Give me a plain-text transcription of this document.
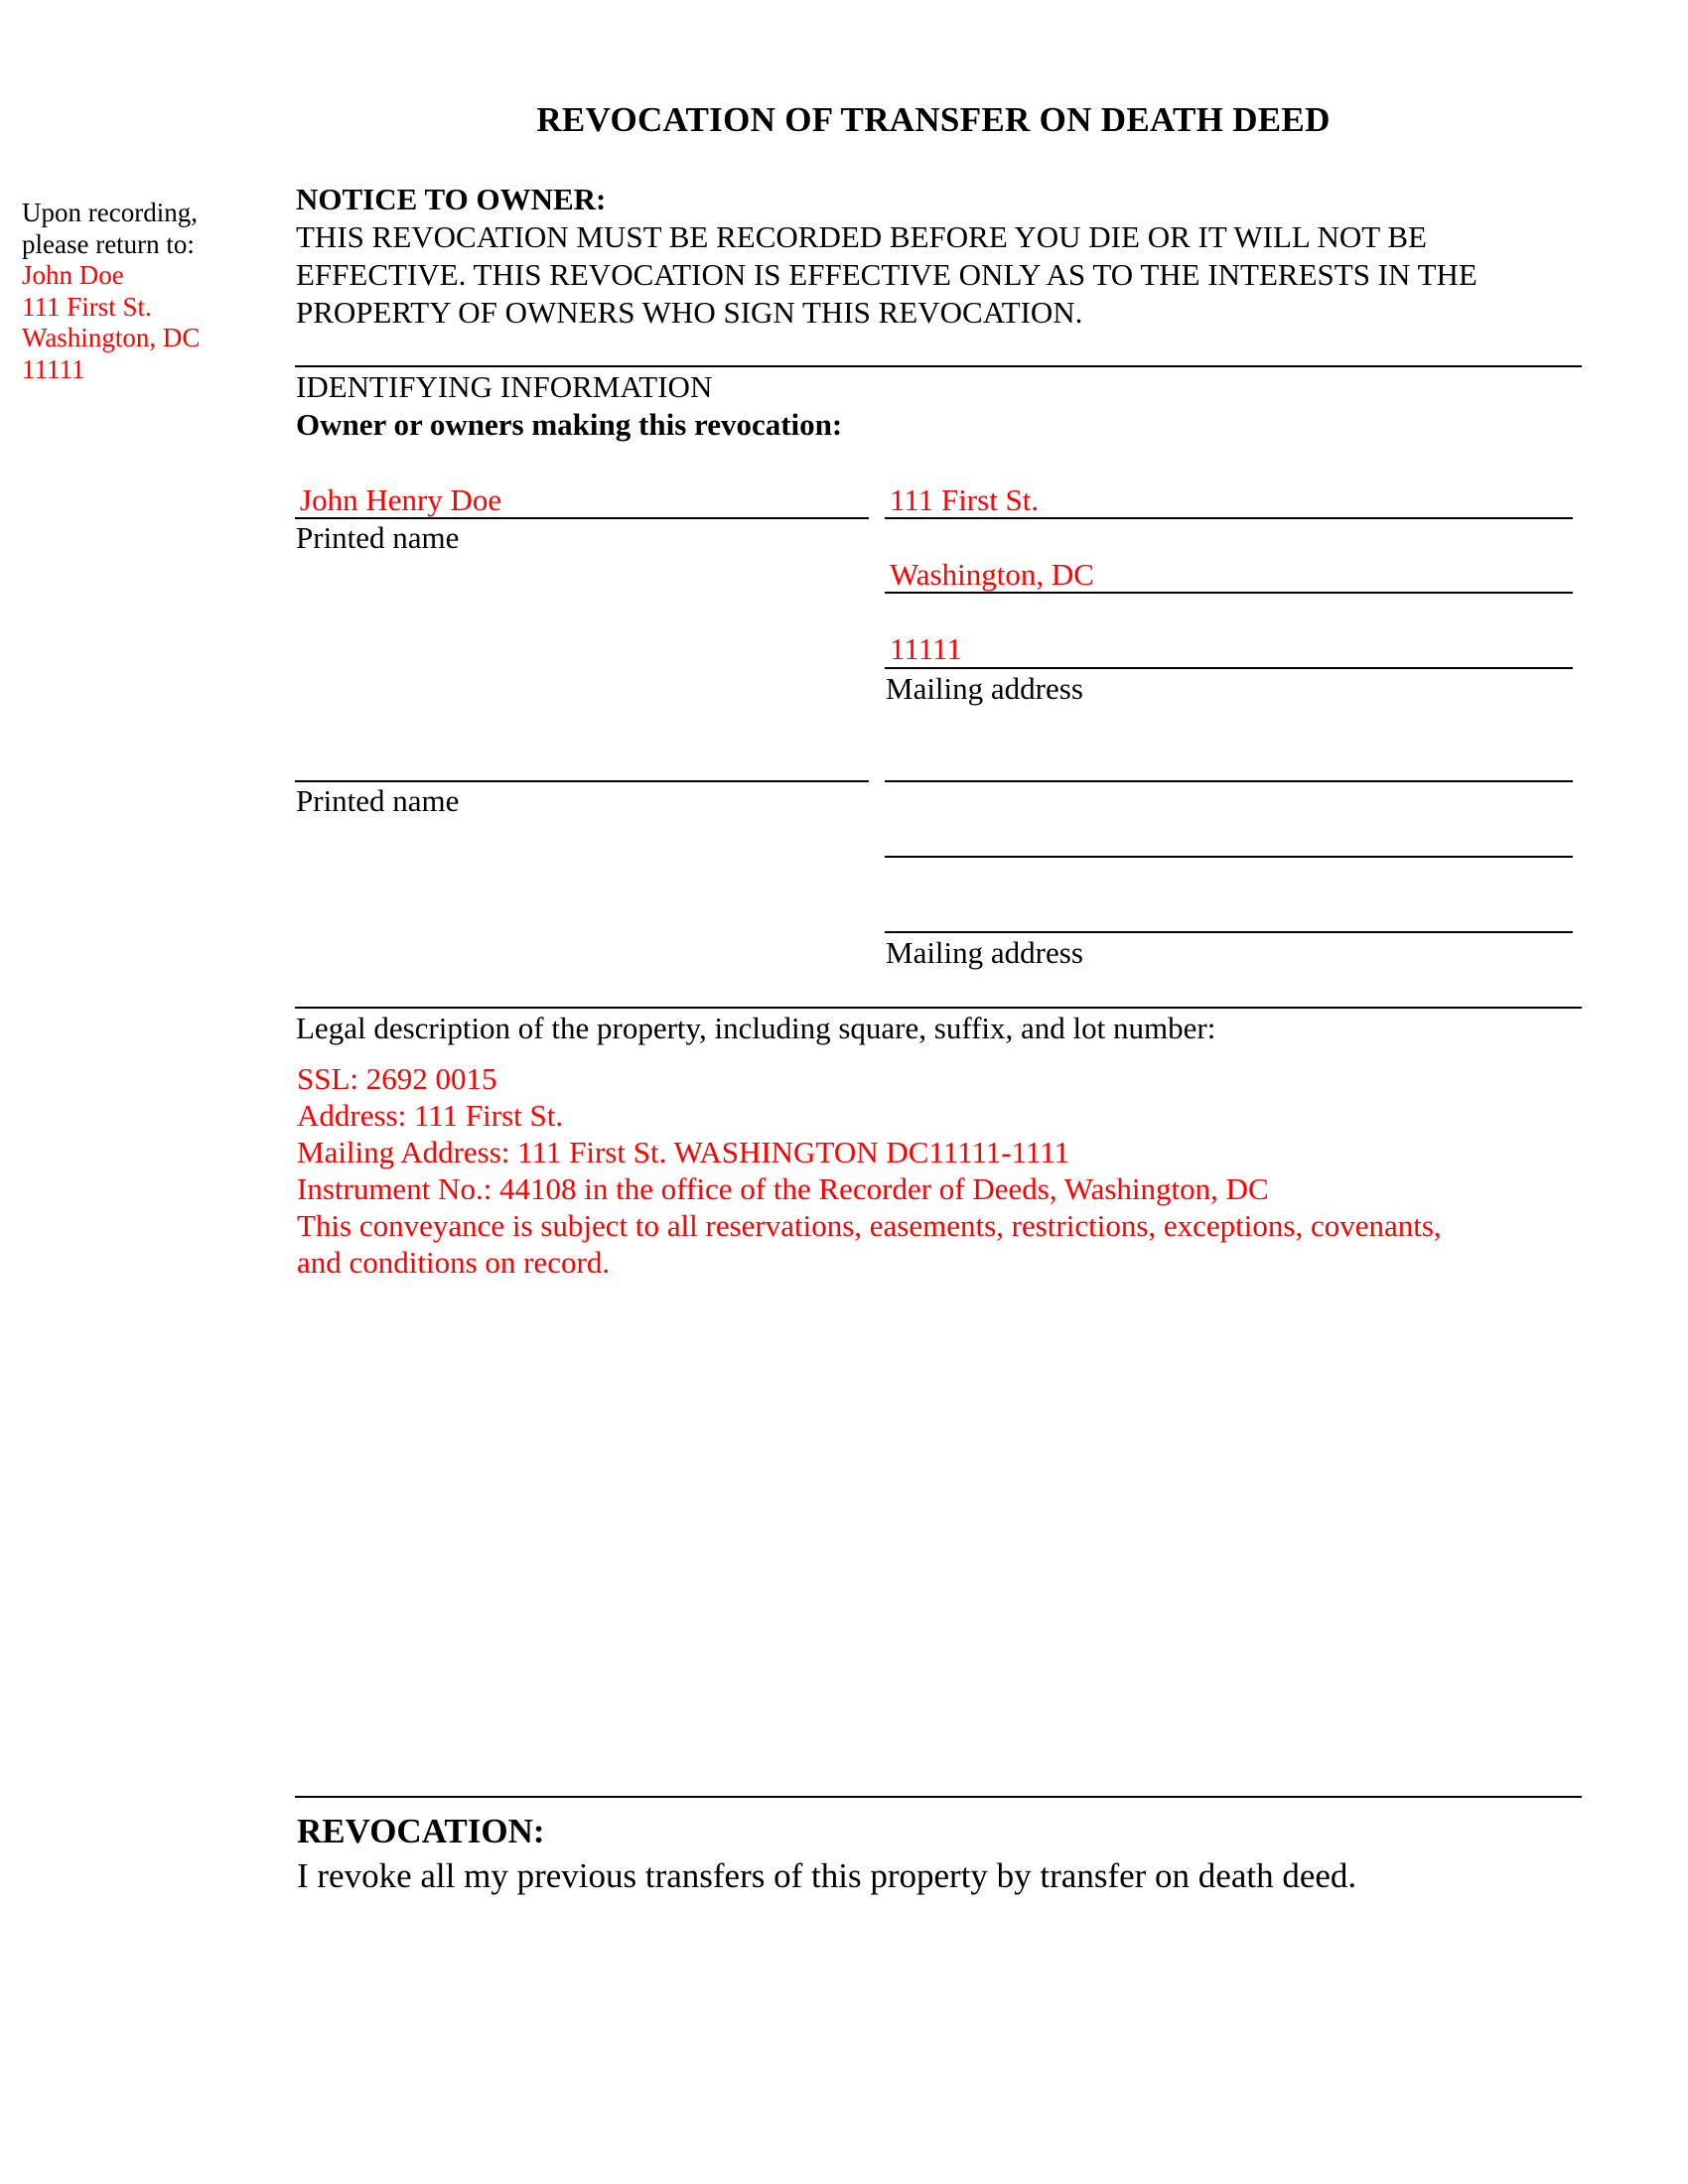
REVOCATION OF TRANSFER ON DEATH DEED
Upon recording,
please return to:
John Doe
111 First St.
Washington, DC
11111
NOTICE TO OWNER:
THIS REVOCATION MUST BE RECORDED BEFORE YOU DIE OR IT WILL NOT BE
EFFECTIVE. THIS REVOCATION IS EFFECTIVE ONLY AS TO THE INTERESTS IN THE
PROPERTY OF OWNERS WHO SIGN THIS REVOCATION.
IDENTIFYING INFORMATION
Owner or owners making this revocation:
John Henry Doe
Printed name
111 First St.
Washington, DC
11111
Mailing address
Printed name
Mailing address
Legal description of the property, including square, suffix, and lot number:
SSL: 2692 0015
Address: 111 First St.
Mailing Address: 111 First St. WASHINGTON DC11111-1111
Instrument No.: 44108 in the office of the Recorder of Deeds, Washington, DC
This conveyance is subject to all reservations, easements, restrictions, exceptions, covenants,
and conditions on record.
REVOCATION:
I revoke all my previous transfers of this property by transfer on death deed.
